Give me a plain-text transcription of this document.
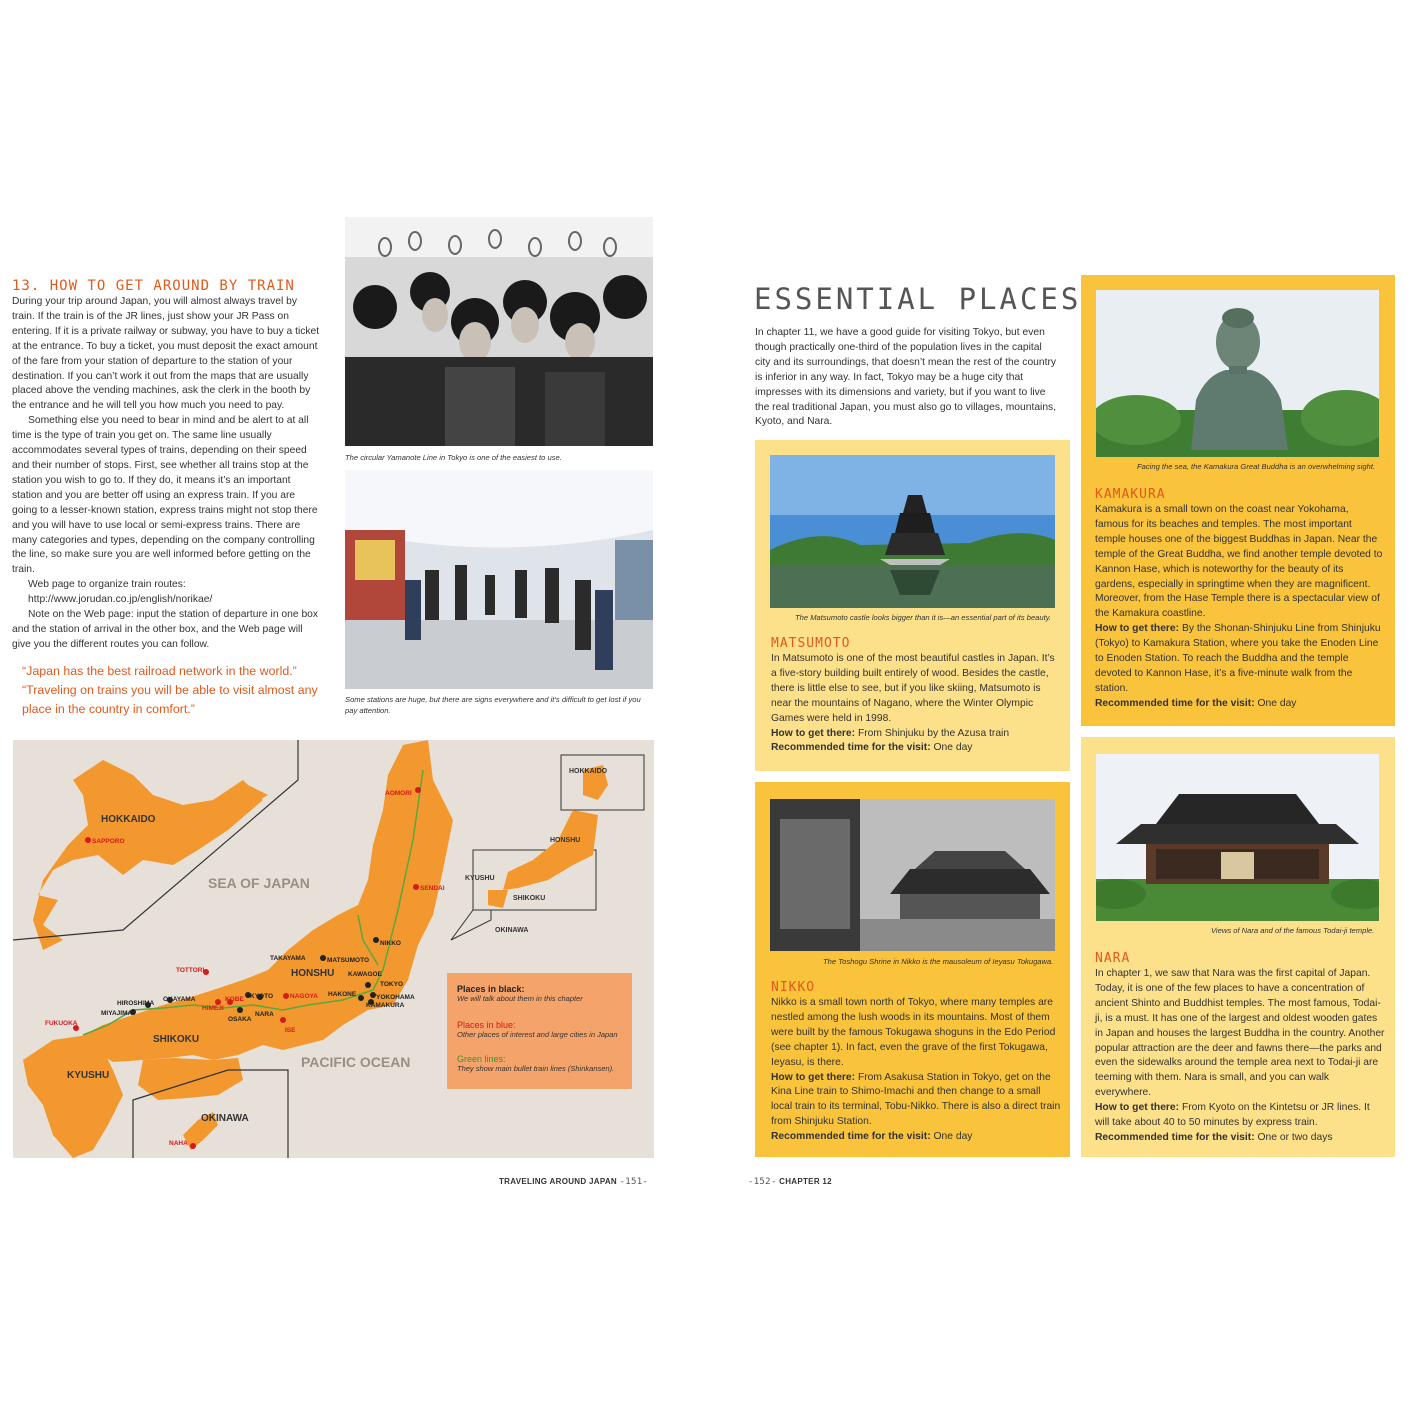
13. HOW TO GET AROUND BY TRAIN

During your trip around Japan, you will almost always travel by train. If the train is of the JR lines, just show your JR Pass on entering. If it is a private railway or subway, you have to buy a ticket at the entrance. To buy a ticket, you must deposit the exact amount of the fare from your station of departure to the station of your destination. If you can’t work it out from the maps that are usually placed above the vending machines, ask the clerk in the booth by the entrance and he will tell you how much you need to pay.

Something else you need to bear in mind and be alert to at all time is the type of train you get on. The same line usually accommodates several types of trains, depending on their speed and their number of stops. First, see whether all trains stop at the station you wish to go to. If they do, it means it’s an important station and you are better off using an express train. If you are going to a lesser-known station, express trains might not stop there and you will have to use local or semi-express trains. There are many categories and types, depending on the company controlling the line, so make sure you are well informed before getting on the train.

Web page to organize train routes:

http://www.jorudan.co.jp/english/norikae/

Note on the Web page: input the station of departure in one box and the station of arrival in the other box, and the Web page will give you the different routes you can follow.

“Japan has the best railroad network in the world.”

“Traveling on trains you will be able to visit almost any place in the country in comfort.”

The circular Yamanote Line in Tokyo is one of the easiest to use.
Some stations are huge, but there are signs everywhere and it’s difficult to get lost if you pay attention.
HOKKAIDO
HONSHU
SHIKOKU
KYUSHU
OKINAWA
SEA OF JAPAN
PACIFIC OCEAN
HOKKAIDO
HONSHU
KYUSHU
SHIKOKU
OKINAWA
NIKKO
TAKAYAMA	MATSUMOTO
KAWAGOE
TOKYO
HAKONE	YOKOHAMA
KAMAKURA
KYOTO
NARA
OSAKA
HIROSHIMA
OKAYAMA
MIYAJIMA
AOMORI
SAPPORO
SENDAI
TOTTORI
KOBE
HIMEJI
NAGOYA
ISE
FUKUOKA
NAHA
Places in black:
We will talk about them in this chapter
Places in blue:
Other places of interest and large cities in Japan
Green lines:
They show main bullet train lines (Shinkansen).
TRAVELING AROUND JAPAN -151-
ESSENTIAL PLACES
In chapter 11, we have a good guide for visiting Tokyo, but even though practically one-third of the population lives in the capital city and its surroundings, that doesn’t mean the rest of the country is inferior in any way. In fact, Tokyo may be a huge city that impresses with its dimensions and variety, but if you want to live the real traditional Japan, you must also go to villages, mountains, Kyoto, and Nara.
The Matsumoto castle looks bigger than it is—an essential part of its beauty.
MATSUMOTO

In Matsumoto is one of the most beautiful castles in Japan. It’s a five-story building built entirely of wood. Besides the castle, there is little else to see, but if you like skiing, Matsumoto is near the mountains of Nagano, where the Winter Olympic Games were held in 1998.

How to get there: From Shinjuku by the Azusa train

Recommended time for the visit: One day

The Toshogu Shrine in Nikko is the mausoleum of Ieyasu Tokugawa.
NIKKO

Nikko is a small town north of Tokyo, where many temples are nestled among the lush woods in its mountains. Most of them were built by the famous Tokugawa shoguns in the Edo Period (see chapter 1). In fact, even the grave of the first Tokugawa, Ieyasu, is there.

How to get there: From Asakusa Station in Tokyo, get on the Kina Line train to Shimo-Imachi and then change to a small local train to its terminal, Tobu-Nikko. There is also a direct train from Shinjuku Station.

Recommended time for the visit: One day

Facing the sea, the Kamakura Great Buddha is an overwhelming sight.
KAMAKURA

Kamakura is a small town on the coast near Yokohama, famous for its beaches and temples. The most important temple houses one of the biggest Buddhas in Japan. Near the temple of the Great Buddha, we find another temple devoted to Kannon Hase, which is noteworthy for the beauty of its gardens, especially in springtime when they are magnificent. Moreover, from the Hase Temple there is a spectacular view of the Kamakura coastline.

How to get there: By the Shonan-Shinjuku Line from Shinjuku (Tokyo) to Kamakura Station, where you take the Enoden Line to Enoden Station. To reach the Buddha and the temple devoted to Kannon Hase, it’s a five-minute walk from the station.

Recommended time for the visit: One day

Views of Nara and of the famous Todai-ji temple.
NARA

In chapter 1, we saw that Nara was the first capital of Japan. Today, it is one of the few places to have a concentration of ancient Shinto and Buddhist temples. The most famous, Todai-ji, is a must. It has one of the largest and oldest wooden gates in Japan and houses the largest Buddha in the country. Another popular attraction are the deer and fawns there—the parks and even the sidewalks around the temple area next to Todai-ji are teeming with them. Nara is small, and you can walk everywhere.

How to get there: From Kyoto on the Kintetsu or JR lines. It will take about 40 to 50 minutes by express train.

Recommended time for the visit: One or two days

-152- CHAPTER 12
